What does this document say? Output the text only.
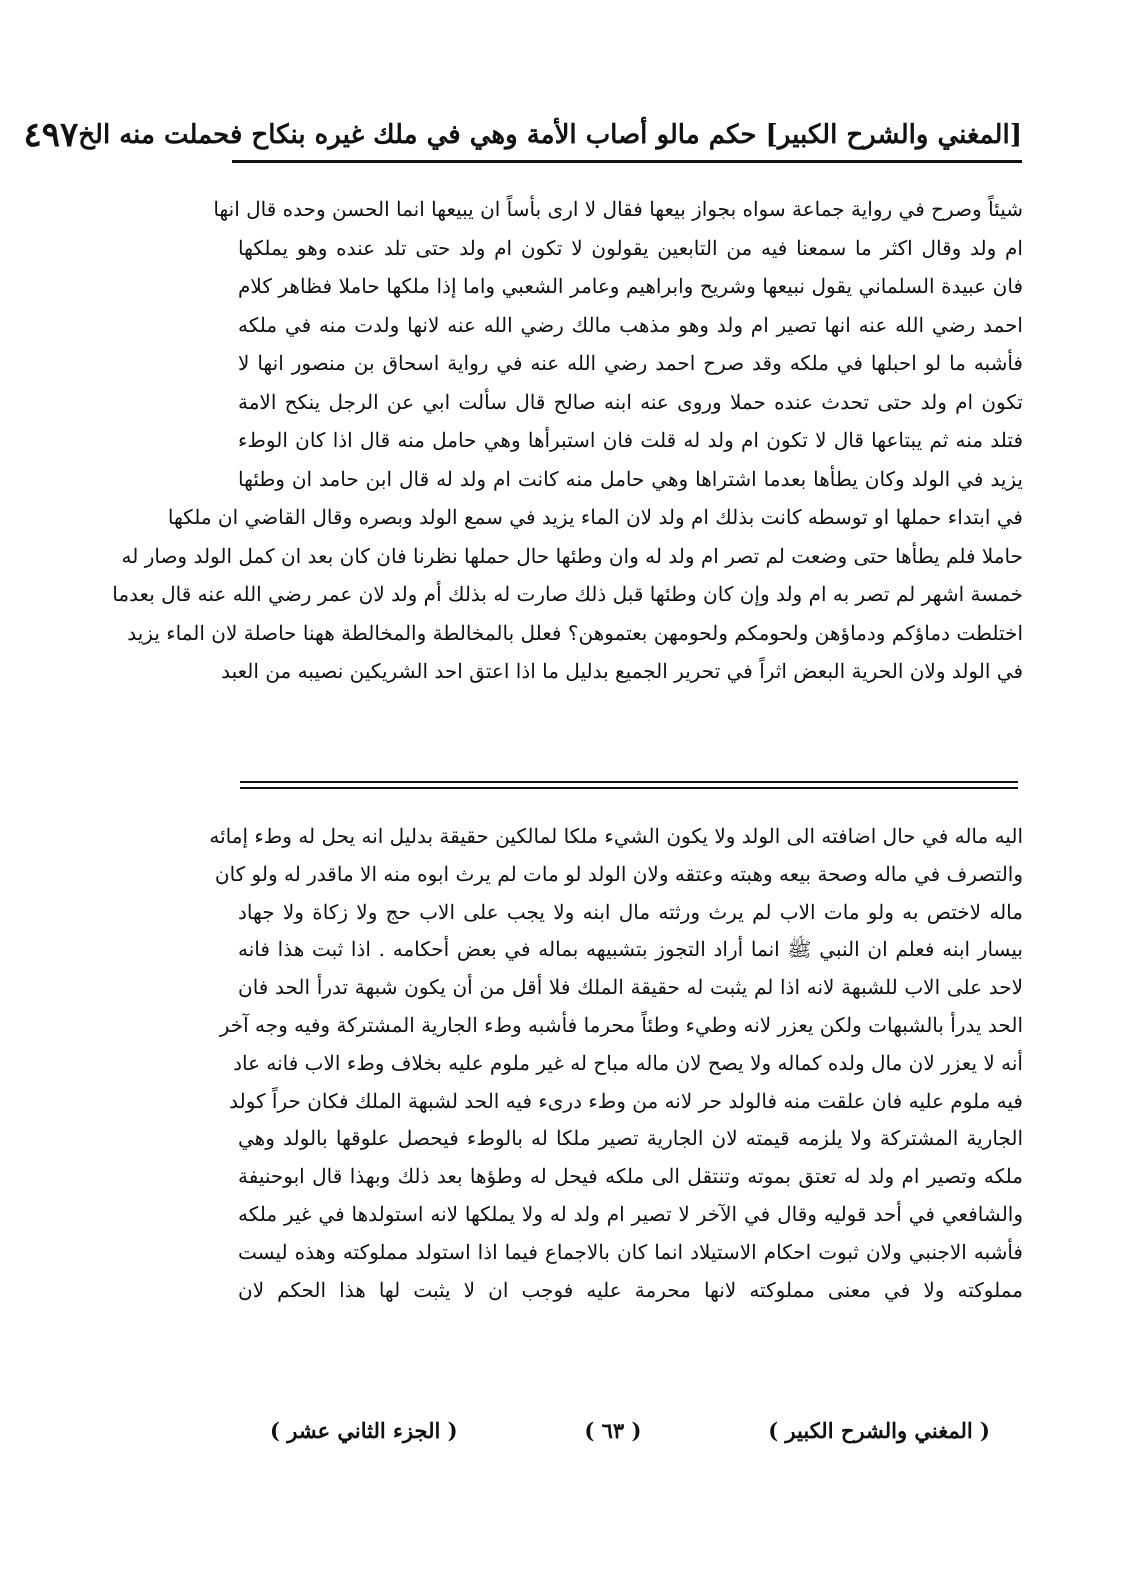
[المغني والشرح الكبير] حكم مالو أصاب الأمة وهي في ملك غيره بنكاح فحملت منه الخ
٤٩٧
شيئاً وصرح في رواية جماعة سواه بجواز بيعها فقال لا ارى بأساً ان يبيعها انما الحسن وحده قال انها
ام ولد وقال اكثر ما سمعنا فيه من التابعين يقولون لا تكون ام ولد حتى تلد عنده وهو يملكها
فان عبيدة السلماني يقول نبيعها وشريح وابراهيم وعامر الشعبي واما إذا ملكها حاملا فظاهر كلام
احمد رضي الله عنه انها تصير ام ولد وهو مذهب مالك رضي الله عنه لانها ولدت منه في ملكه
فأشبه ما لو احبلها في ملكه وقد صرح احمد رضي الله عنه في رواية اسحاق بن منصور انها لا
تكون ام ولد حتى تحدث عنده حملا وروى عنه ابنه صالح قال سألت ابي عن الرجل ينكح الامة
فتلد منه ثم يبتاعها قال لا تكون ام ولد له قلت فان استبرأها وهي حامل منه قال اذا كان الوطء
يزيد في الولد وكان يطأها بعدما اشتراها وهي حامل منه كانت ام ولد له قال ابن حامد ان وطئها
في ابتداء حملها او توسطه كانت بذلك ام ولد لان الماء يزيد في سمع الولد وبصره وقال القاضي ان ملكها
حاملا فلم يطأها حتى وضعت لم تصر ام ولد له وان وطئها حال حملها نظرنا فان كان بعد ان كمل الولد وصار له
خمسة اشهر لم تصر به ام ولد وإن كان وطئها قبل ذلك صارت له بذلك أم ولد لان عمر رضي الله عنه قال بعدما
اختلطت دماؤكم ودماؤهن ولحومكم ولحومهن بعتموهن؟ فعلل بالمخالطة والمخالطة ههنا حاصلة لان الماء يزيد
في الولد ولان الحرية البعض اثراً في تحرير الجميع بدليل ما اذا اعتق احد الشريكين نصيبه من العبد
اليه ماله في حال اضافته الى الولد ولا يكون الشيء ملكا لمالكين حقيقة بدليل انه يحل له وطء إمائه
والتصرف في ماله وصحة بيعه وهبته وعتقه ولان الولد لو مات لم يرث ابوه منه الا ماقدر له ولو كان
ماله لاختص به ولو مات الاب لم يرث ورثته مال ابنه ولا يجب على الاب حج ولا زكاة ولا جهاد
بيسار ابنه فعلم ان النبي ﷺ انما أراد التجوز بتشبيهه بماله في بعض أحكامه . اذا ثبت هذا فانه
لاحد على الاب للشبهة لانه اذا لم يثبت له حقيقة الملك فلا أقل من أن يكون شبهة تدرأ الحد فان
الحد يدرأ بالشبهات ولكن يعزر لانه وطيء وطئاً محرما فأشبه وطء الجارية المشتركة وفيه وجه آخر
أنه لا يعزر لان مال ولده كماله ولا يصح لان ماله مباح له غير ملوم عليه بخلاف وطء الاب فانه عاد
فيه ملوم عليه فان علقت منه فالولد حر لانه من وطء درىء فيه الحد لشبهة الملك فكان حراً كولد
الجارية المشتركة ولا يلزمه قيمته لان الجارية تصير ملكا له بالوطء فيحصل علوقها بالولد وهي
ملكه وتصير ام ولد له تعتق بموته وتنتقل الى ملكه فيحل له وطؤها بعد ذلك وبهذا قال ابوحنيفة
والشافعي في أحد قوليه وقال في الآخر لا تصير ام ولد له ولا يملكها لانه استولدها في غير ملكه
فأشبه الاجنبي ولان ثبوت احكام الاستيلاد انما كان بالاجماع فيما اذا استولد مملوكته وهذه ليست
مملوكته ولا في معنى مملوكته لانها محرمة عليه فوجب ان لا يثبت لها هذا الحكم لان
( المغني والشرح الكبير )
( ٦٣ )
( الجزء الثاني عشر )
